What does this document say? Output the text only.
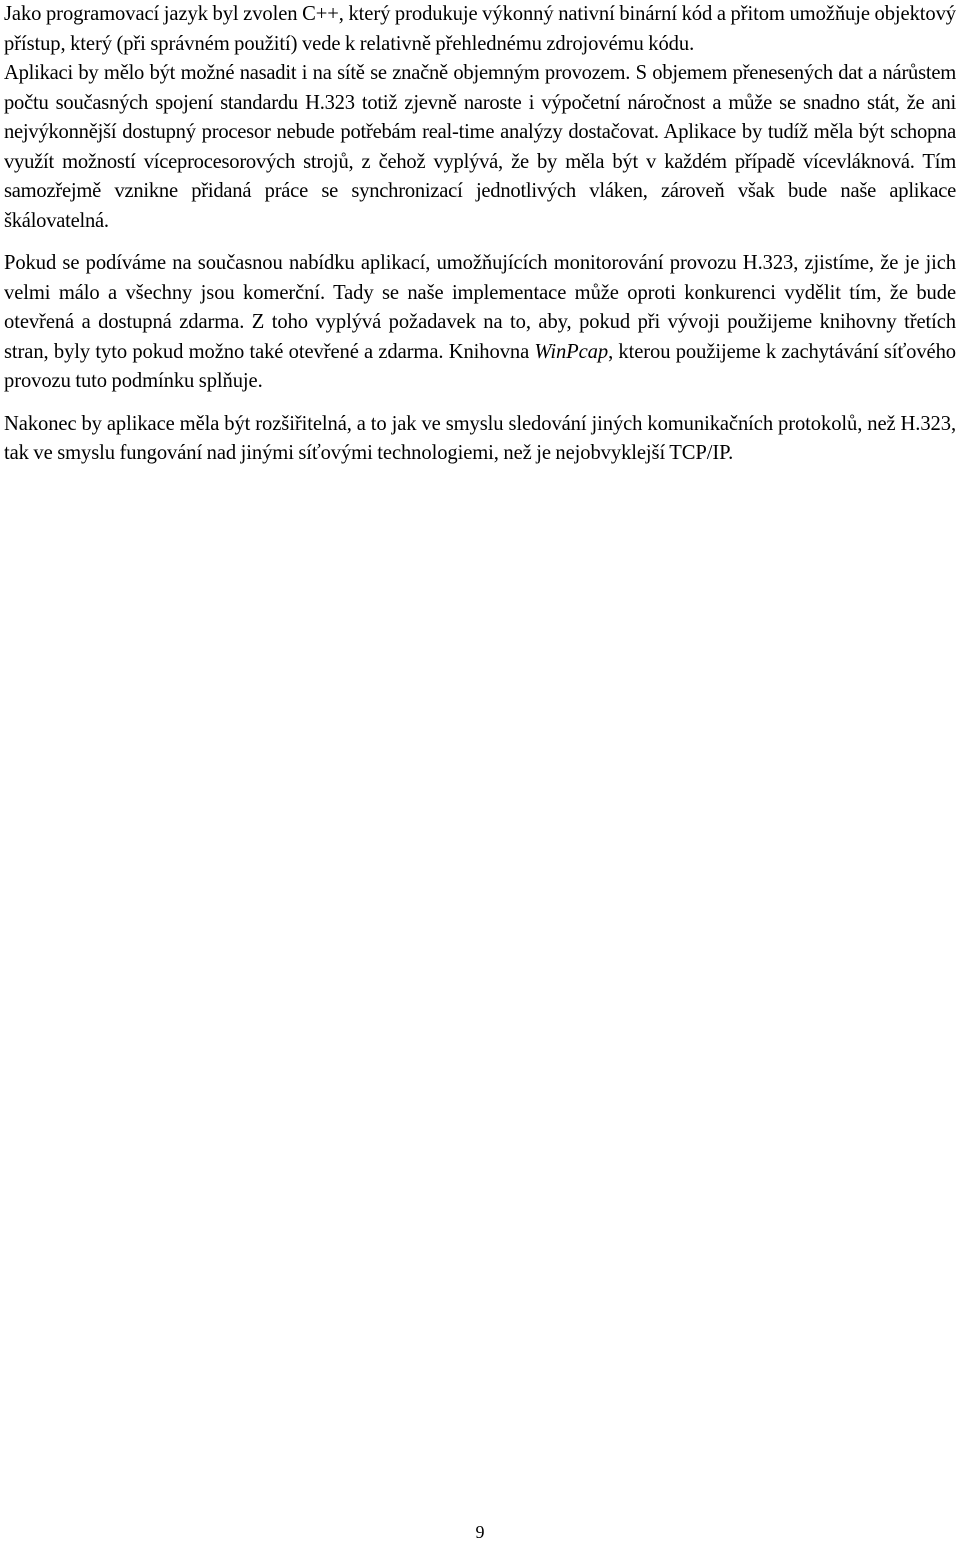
Jako programovací jazyk byl zvolen C++, který produkuje výkonný nativní binární kód a přitom umožňuje objektový přístup, který (při správném použití) vede k relativně přehlednému zdrojovému kódu.

Aplikaci by mělo být možné nasadit i na sítě se značně objemným provozem. S objemem přenesených dat a nárůstem počtu současných spojení standardu H.323 totiž zjevně naroste i výpočetní náročnost a může se snadno stát, že ani nejvýkonnější dostupný procesor nebude potřebám real-time analýzy dostačovat. Aplikace by tudíž měla být schopna využít možností víceprocesorových strojů, z čehož vyplývá, že by měla být v každém případě vícevláknová. Tím samozřejmě vznikne přidaná práce se synchronizací jednotlivých vláken, zároveň však bude naše aplikace škálovatelná.

Pokud se podíváme na současnou nabídku aplikací, umožňujících monitorování provozu H.323, zjistíme, že je jich velmi málo a všechny jsou komerční. Tady se naše implementace může oproti konkurenci vydělit tím, že bude otevřená a dostupná zdarma. Z toho vyplývá požadavek na to, aby, pokud při vývoji použijeme knihovny třetích stran, byly tyto pokud možno také otevřené a zdarma. Knihovna WinPcap, kterou použijeme k zachytávání síťového provozu tuto podmínku splňuje.

Nakonec by aplikace měla být rozšiřitelná, a to jak ve smyslu sledování jiných komunikačních protokolů, než H.323, tak ve smyslu fungování nad jinými síťovými technologiemi, než je nejobvyklejší TCP/IP.

9
